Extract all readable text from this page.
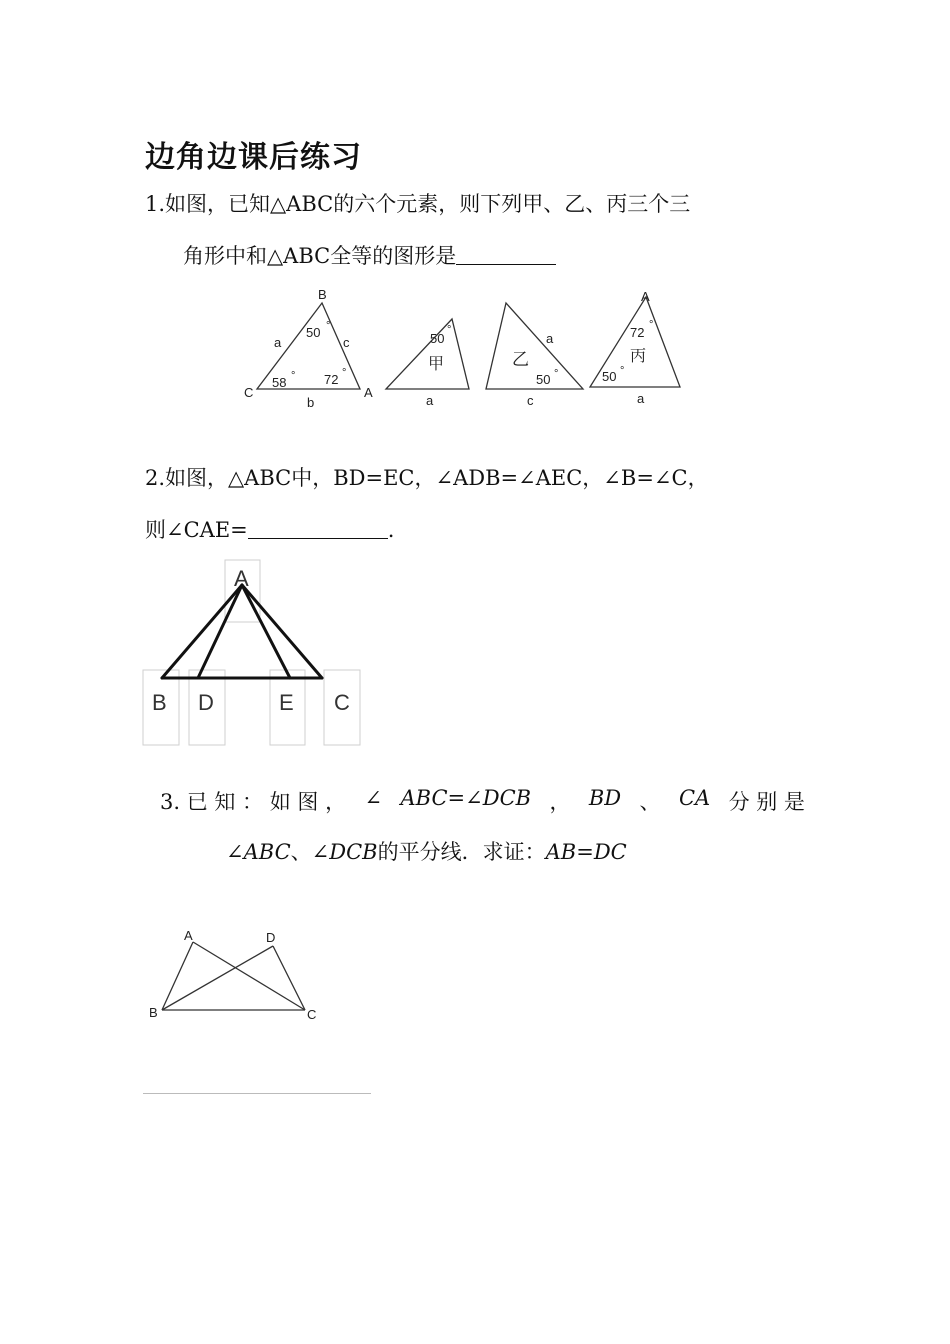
边角边课后练习
1.如图，已知△ABC的六个元素，则下列甲、乙、丙三个三
角形中和△ABC全等的图形是
B
C	A
a	c
b
50 °
58 ° 72 °
50
°
甲
a
乙
a
50 °
c
A
72 °
丙
50 °
a
2.如图，△ABC中，BD=EC，∠ADB=∠AEC，∠B=∠C，
则∠CAE=	.
A
B D	E C
3. 已 知 ： 如 图 ， ∠ ABC=∠DCB ， BD 、 CA 分 别 是
∠ABC、∠DCB的平分线．求证：AB=DC
A	D
B	C
